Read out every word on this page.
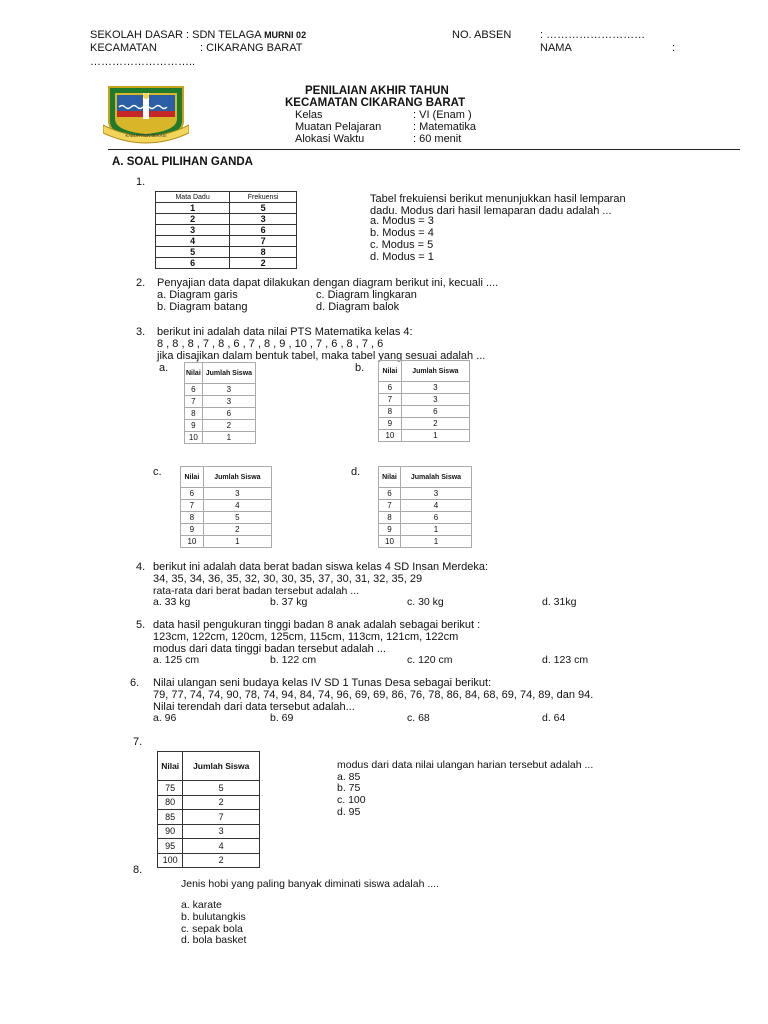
SEKOLAH DASAR : SDN TELAGA MURNI 02
KECAMATAN	: CIKARANG BARAT
NO. ABSEN	: ………………………
NAMA	:
………………………..
KABUPATEN BEKASI
PENILAIAN AKHIR TAHUN
KECAMATAN CIKARANG BARAT
Kelas	: VI (Enam )
Muatan Pelajaran	: Matematika
Alokasi Waktu	: 60 menit
A. SOAL PILIHAN GANDA
1.
Mata Dadu	Frekuensi
1	5
2	3
3	6
4	7
5	8
6	2
Tabel frekuiensi berikut menunjukkan hasil lemparan
dadu. Modus dari hasil lemaparan dadu adalah ...
a. Modus = 3
b. Modus = 4
c. Modus = 5
d. Modus = 1
2. Penyajian data dapat dilakukan dengan diagram berikut ini, kecuali ....
a. Diagram garis
b. Diagram batang
c. Diagram lingkaran
d. Diagram balok
3. berikut ini adalah data nilai PTS Matematika kelas 4:
8 , 8 , 8 , 7 , 8 , 6 , 7 , 8 , 9 , 10 , 7 , 6 , 8 , 7 , 6
jika disajikan dalam bentuk tabel, maka tabel yang sesuai adalah ...
a.	b.
c.	d.
Nilai	Jumlah Siswa
6	3
7	3
8	6
9	2
10	1
Nilai	Jumlah Siswa
6	3
7	3
8	6
9	2
10	1
Nilai	Jumlah Siswa
6	3
7	4
8	5
9	2
10	1
Nilai	Jumalah Siswa
6	3
7	4
8	6
9	1
10	1
4. berikut ini adalah data berat badan siswa kelas 4 SD Insan Merdeka:
34, 35, 34, 36, 35, 32, 30, 30, 35, 37, 30, 31, 32, 35, 29
rata-rata dari berat badan tersebut adalah ...
a. 33 kg	b. 37 kg	c. 30 kg	d. 31kg
5. data hasil pengukuran tinggi badan 8 anak adalah sebagai berikut :
123cm, 122cm, 120cm, 125cm, 115cm, 113cm, 121cm, 122cm
modus dari data tinggi badan tersebut adalah ...
a. 125 cm	b. 122 cm	c. 120 cm	d. 123 cm
6. Nilai ulangan seni budaya kelas IV SD 1 Tunas Desa sebagai berikut:
79, 77, 74, 74, 90, 78, 74, 94, 84, 74, 96, 69, 69, 86, 76, 78, 86, 84, 68, 69, 74, 89, dan 94.
Nilai terendah dari data tersebut adalah...
a. 96	b. 69	c. 68	d. 64
7.
Nilai	Jumlah Siswa
75	5
80	2
85	7
90	3
95	4
100	2
modus dari data nilai ulangan harian tersebut adalah ...
a. 85
b. 75
c. 100
d. 95
8.
Jenis hobi yang paling banyak diminati siswa adalah ....
a. karate
b. bulutangkis
c. sepak bola
d. bola basket
